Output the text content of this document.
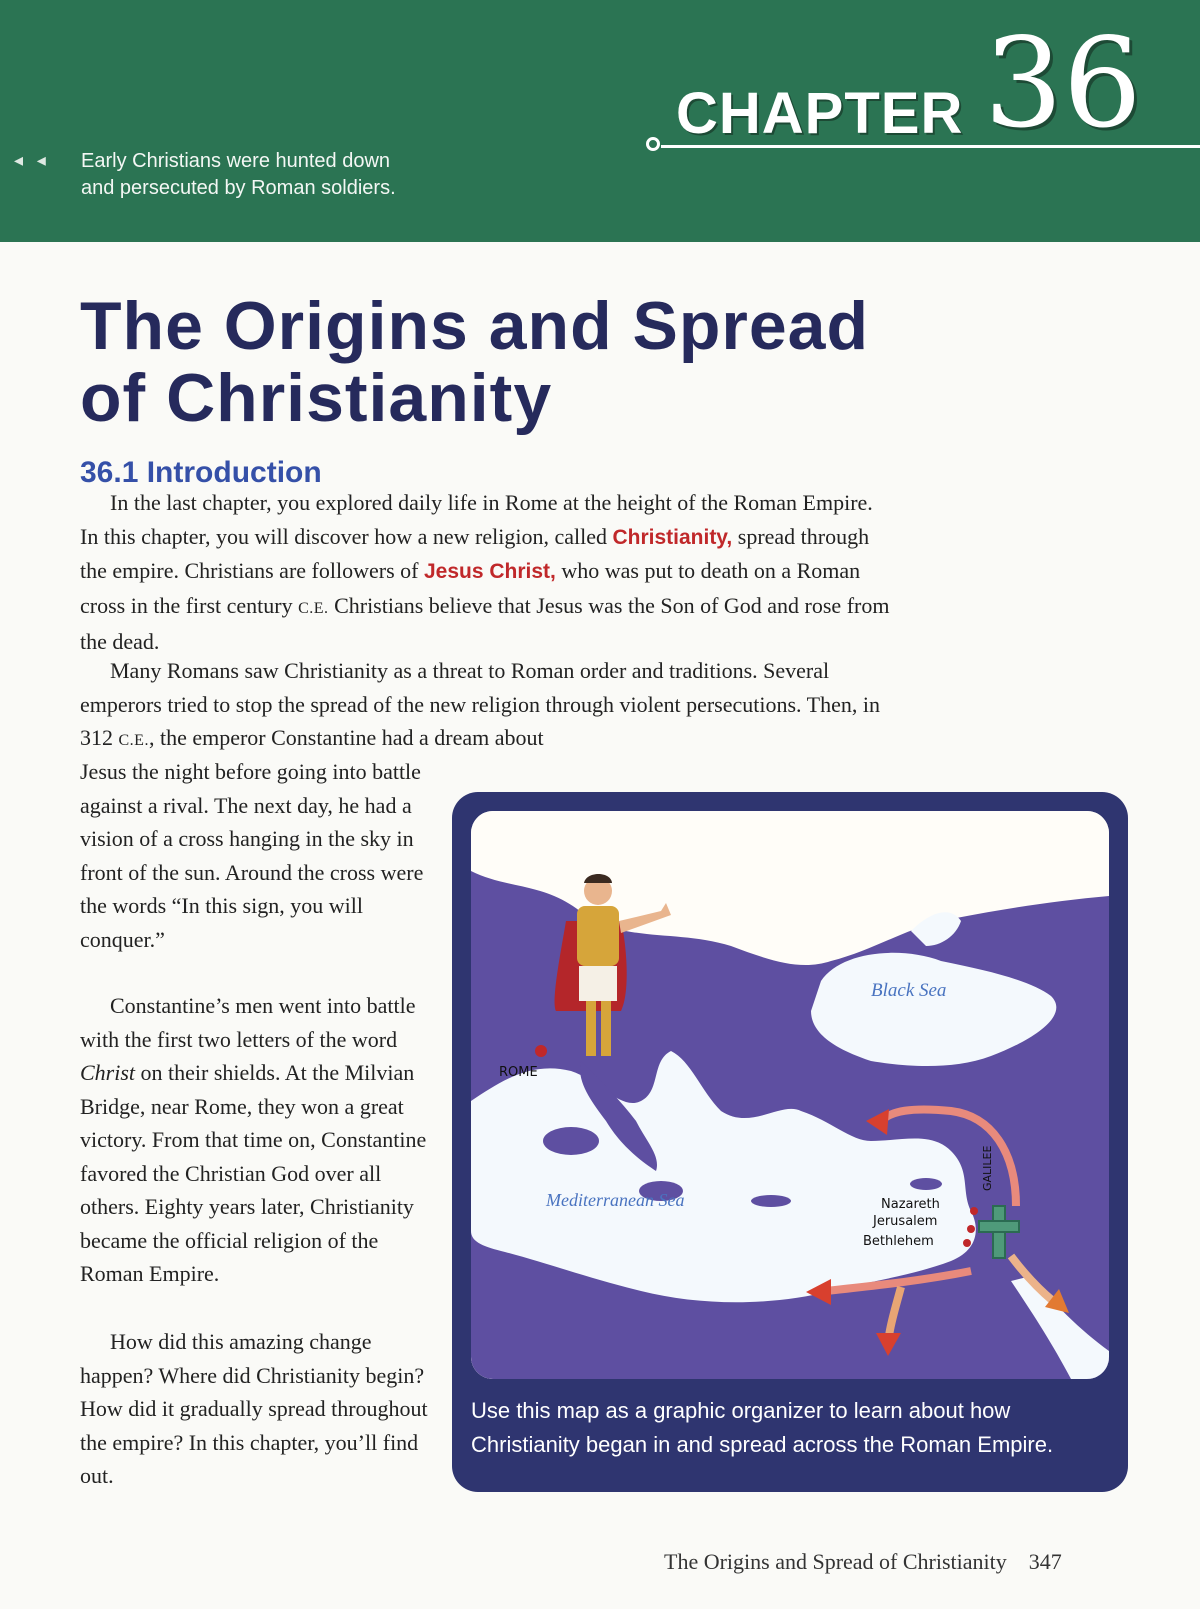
◂ ◂ Early Christians were hunted down
and persecuted by Roman soldiers.
CHAPTER 36
The Origins and Spread
of Christianity
36.1 Introduction

In the last chapter, you explored daily life in Rome at the height of the Roman Empire. In this chapter, you will discover how a new religion, called Christianity, spread through the empire. Christians are followers of Jesus Christ, who was put to death on a Roman cross in the first century C.E. Christians believe that Jesus was the Son of God and rose from the dead.

Many Romans saw Christianity as a threat to Roman order and traditions. Several emperors tried to stop the spread of the new religion through violent persecutions. Then, in 312 C.E., the emperor Constantine had a dream about

Jesus the night before going into battle against a rival. The next day, he had a vision of a cross hanging in the sky in front of the sun. Around the cross were the words “In this sign, you will conquer.”

Constantine’s men went into battle with the first two letters of the word Christ on their shields. At the Milvian Bridge, near Rome, they won a great victory. From that time on, Constantine favored the Christian God over all others. Eighty years later, Christianity became the official religion of the Roman Empire.

How did this amazing change happen? Where did Christianity begin? How did it gradually spread throughout the empire? In this chapter, you’ll find out.

ROME
Black Sea
Mediterranean Sea	Nazareth
Jerusalem
Bethlehem
GALILEE
Use this map as a graphic organizer to learn about how Christianity began in and spread across the Roman Empire.
The Origins and Spread of Christianity 347
